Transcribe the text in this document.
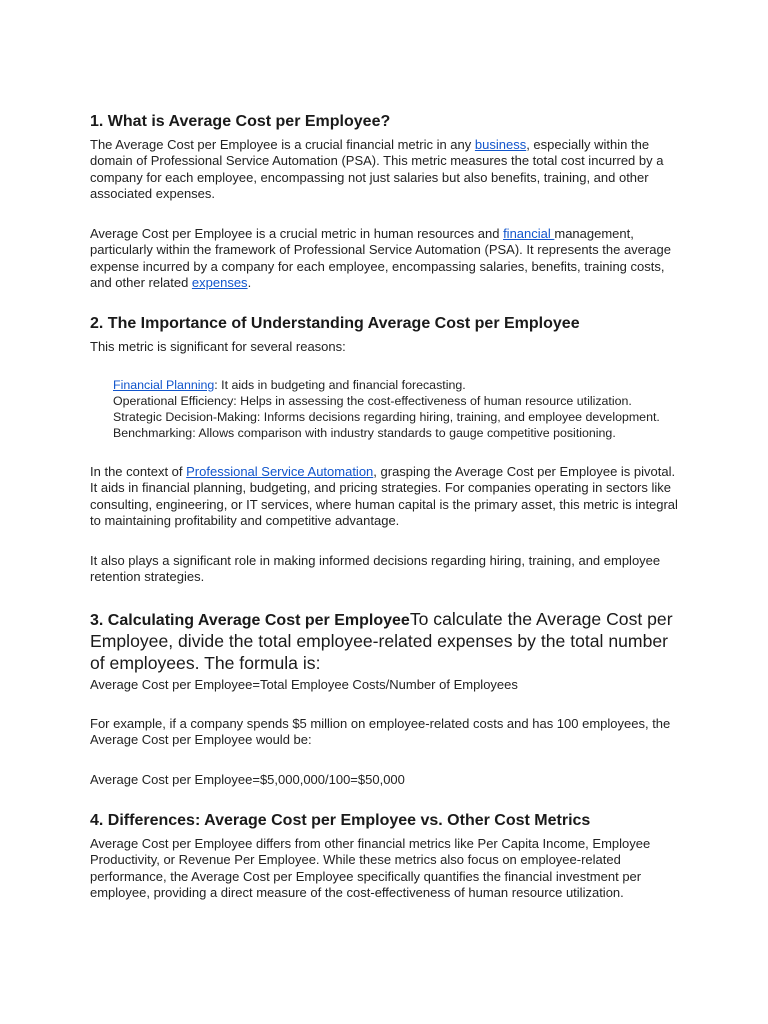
1. What is Average Cost per Employee?

The Average Cost per Employee is a crucial financial metric in any business, especially within the domain of Professional Service Automation (PSA). This metric measures the total cost incurred by a company for each employee, encompassing not just salaries but also benefits, training, and other associated expenses.

Average Cost per Employee is a crucial metric in human resources and financial management, particularly within the framework of Professional Service Automation (PSA). It represents the average expense incurred by a company for each employee, encompassing salaries, benefits, training costs, and other related expenses.

2. The Importance of Understanding Average Cost per Employee

This metric is significant for several reasons:

Financial Planning: It aids in budgeting and financial forecasting.
Operational Efficiency: Helps in assessing the cost-effectiveness of human resource utilization.
Strategic Decision-Making: Informs decisions regarding hiring, training, and employee development.
Benchmarking: Allows comparison with industry standards to gauge competitive positioning.

In the context of Professional Service Automation, grasping the Average Cost per Employee is pivotal. It aids in financial planning, budgeting, and pricing strategies. For companies operating in sectors like consulting, engineering, or IT services, where human capital is the primary asset, this metric is integral to maintaining profitability and competitive advantage.

It also plays a significant role in making informed decisions regarding hiring, training, and employee retention strategies.

3. Calculating Average Cost per EmployeeTo calculate the Average Cost per Employee, divide the total employee-related expenses by the total number of employees. The formula is:

Average Cost per Employee=Total Employee Costs/Number of Employees

For example, if a company spends $5 million on employee-related costs and has 100 employees, the Average Cost per Employee would be:

Average Cost per Employee=$5,000,000/100=$50,000

4. Differences: Average Cost per Employee vs. Other Cost Metrics

Average Cost per Employee differs from other financial metrics like Per Capita Income, Employee Productivity, or Revenue Per Employee. While these metrics also focus on employee-related performance, the Average Cost per Employee specifically quantifies the financial investment per employee, providing a direct measure of the cost-effectiveness of human resource utilization.
